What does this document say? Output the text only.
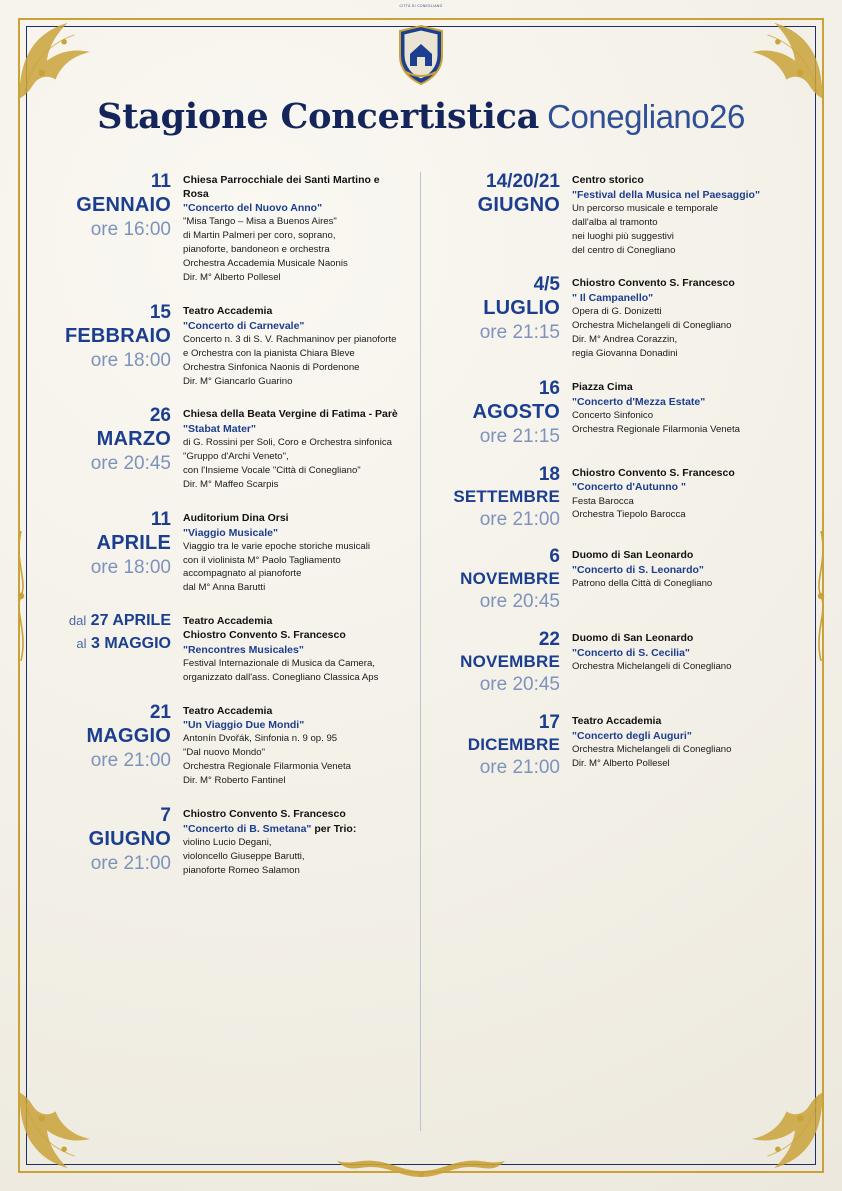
CITTÀ DI CONEGLIANO
Stagione Concertistica Conegliano26
11
GENNAIO
ore 16:00
Chiesa Parrocchiale dei Santi Martino e Rosa
"Concerto del Nuovo Anno"
"Misa Tango – Misa a Buenos Aires"
di Martin Palmeri per coro, soprano,
pianoforte, bandoneon e orchestra
Orchestra Accademia Musicale Naonis
Dir. M° Alberto Pollesel
15
FEBBRAIO
ore 18:00
Teatro Accademia
"Concerto di Carnevale"
Concerto n. 3 di S. V. Rachmaninov per pianoforte
e Orchestra con la pianista Chiara Bleve
Orchestra Sinfonica Naonis di Pordenone
Dir. M° Giancarlo Guarino
26
MARZO
ore 20:45
Chiesa della Beata Vergine di Fatima - Parè
"Stabat Mater"
di G. Rossini per Soli, Coro e Orchestra sinfonica
"Gruppo d'Archi Veneto",
con l'Insieme Vocale "Città di Conegliano"
Dir. M° Maffeo Scarpis
11
APRILE
ore 18:00
Auditorium Dina Orsi
"Viaggio Musicale"
Viaggio tra le varie epoche storiche musicali
con il violinista M° Paolo Tagliamento
accompagnato al pianoforte
dal M° Anna Barutti
dal 27 APRILE
al 3 MAGGIO
Teatro Accademia
Chiostro Convento S. Francesco
"Rencontres Musicales"
Festival Internazionale di Musica da Camera,
organizzato dall'ass. Conegliano Classica Aps
21
MAGGIO
ore 21:00
Teatro Accademia
"Un Viaggio Due Mondi"
Antonín Dvořák, Sinfonia n. 9 op. 95
"Dal nuovo Mondo"
Orchestra Regionale Filarmonia Veneta
Dir. M° Roberto Fantinel
7
GIUGNO
ore 21:00
Chiostro Convento S. Francesco
"Concerto di B. Smetana" per Trio:
violino Lucio Degani,
violoncello Giuseppe Barutti,
pianoforte Romeo Salamon
14/20/21
GIUGNO
Centro storico
"Festival della Musica nel Paesaggio"
Un percorso musicale e temporale
dall'alba al tramonto
nei luoghi più suggestivi
del centro di Conegliano
4/5
LUGLIO
ore 21:15
Chiostro Convento S. Francesco
" Il Campanello"
Opera di G. Donizetti
Orchestra Michelangeli di Conegliano
Dir. M° Andrea Corazzin,
regia Giovanna Donadini
16
AGOSTO
ore 21:15
Piazza Cima
"Concerto d'Mezza Estate"
Concerto Sinfonico
Orchestra Regionale Filarmonia Veneta
18
SETTEMBRE
ore 21:00
Chiostro Convento S. Francesco
"Concerto d'Autunno "
Festa Barocca
Orchestra Tiepolo Barocca
6
NOVEMBRE
ore 20:45
Duomo di San Leonardo
"Concerto di S. Leonardo"
Patrono della Città di Conegliano
22
NOVEMBRE
ore 20:45
Duomo di San Leonardo
"Concerto di S. Cecilia"
Orchestra Michelangeli di Conegliano
17
DICEMBRE
ore 21:00
Teatro Accademia
"Concerto degli Auguri"
Orchestra Michelangeli di Conegliano
Dir. M° Alberto Pollesel
